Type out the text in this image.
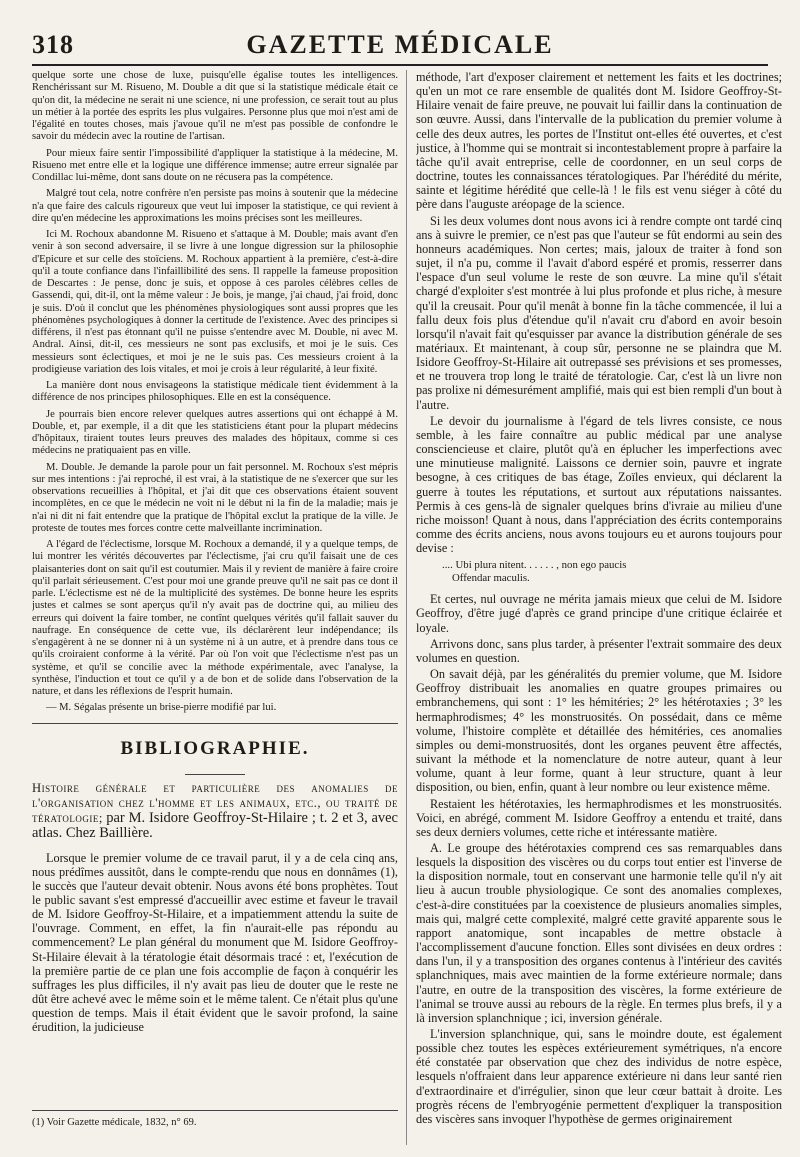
318	GAZETTE MÉDICALE

quelque sorte une chose de luxe, puisqu'elle égalise toutes les intelligences. Renchérissant sur M. Risueno, M. Double a dit que si la statistique médicale était ce qu'on dit, la médecine ne serait ni une science, ni une profession, ce serait tout au plus un métier à la portée des esprits les plus vulgaires. Personne plus que moi n'est ami de l'égalité en toutes choses, mais j'avoue qu'il ne m'est pas possible de confondre le savoir du médecin avec la routine de l'artisan.

Pour mieux faire sentir l'impossibilité d'appliquer la statistique à la médecine, M. Risueno met entre elle et la logique une différence immense; autre erreur signalée par Condillac lui-même, dont sans doute on ne récusera pas la compétence.

Malgré tout cela, notre confrère n'en persiste pas moins à soutenir que la médecine n'a que faire des calculs rigoureux que veut lui imposer la statistique, ce qui revient à dire qu'en médecine les approximations les moins précises sont les meilleures.

Ici M. Rochoux abandonne M. Risueno et s'attaque à M. Double; mais avant d'en venir à son second adversaire, il se livre à une longue digression sur la philosophie d'Epicure et sur celle des stoïciens. M. Rochoux appartient à la première, c'est-à-dire qu'il a toute confiance dans l'infaillibilité des sens. Il rappelle la fameuse proposition de Descartes : Je pense, donc je suis, et oppose à ces paroles célèbres celles de Gassendi, qui, dit-il, ont la même valeur : Je bois, je mange, j'ai chaud, j'ai froid, donc je suis. D'où il conclut que les phénomènes physiologiques sont aussi propres que les phénomènes psychologiques à donner la certitude de l'existence. Avec des principes si différens, il n'est pas étonnant qu'il ne puisse s'entendre avec M. Double, ni avec M. Andral. Ainsi, dit-il, ces messieurs ne sont pas exclusifs, et moi je le suis. Ces messieurs sont éclectiques, et moi je ne le suis pas. Ces messieurs croient à la prodigieuse variation des lois vitales, et moi je crois à leur régularité, à leur fixité.

La manière dont nous envisageons la statistique médicale tient évidemment à la différence de nos principes philosophiques. Elle en est la conséquence.

Je pourrais bien encore relever quelques autres assertions qui ont échappé à M. Double, et, par exemple, il a dit que les statisticiens étant pour la plupart médecins d'hôpitaux, tiraient toutes leurs preuves des malades des hôpitaux, comme si ces médecins ne pratiquaient pas en ville.

M. Double. Je demande la parole pour un fait personnel. M. Rochoux s'est mépris sur mes intentions : j'ai reproché, il est vrai, à la statistique de ne s'exercer que sur les observations recueillies à l'hôpital, et j'ai dit que ces observations étaient souvent incomplètes, en ce que le médecin ne voit ni le début ni la fin de la maladie; mais je n'ai ni dit ni fait entendre que la pratique de l'hôpital exclut la pratique de la ville. Je proteste de toutes mes forces contre cette malveillante incrimination.

A l'égard de l'éclectisme, lorsque M. Rochoux a demandé, il y a quelque temps, de lui montrer les vérités découvertes par l'éclectisme, j'ai cru qu'il faisait une de ces plaisanteries dont on sait qu'il est coutumier. Mais il y revient de manière à faire croire qu'il parlait sérieusement. C'est pour moi une grande preuve qu'il ne sait pas ce dont il parle. L'éclectisme est né de la multiplicité des systèmes. De bonne heure les esprits justes et calmes se sont aperçus qu'il n'y avait pas de doctrine qui, au milieu des erreurs qui doivent la faire tomber, ne contînt quelques vérités qu'il fallait sauver du naufrage. En conséquence de cette vue, ils déclarèrent leur indépendance; ils s'engagèrent à ne se donner ni à un système ni à un autre, et à prendre dans tous ce qu'ils croiraient conforme à la vérité. Par où l'on voit que l'éclectisme n'est pas un système, et qu'il se concilie avec la méthode expérimentale, avec l'analyse, la synthèse, l'induction et tout ce qu'il y a de bon et de solide dans l'observation de la nature, et dans les réflexions de l'esprit humain.

— M. Ségalas présente un brise-pierre modifié par lui.

BIBLIOGRAPHIE.
Histoire générale et particulière des anomalies de l'organisation chez l'homme et les animaux, etc., ou traité de tératologie; par M. Isidore Geoffroy-St-Hilaire ; t. 2 et 3, avec atlas. Chez Baillière.

Lorsque le premier volume de ce travail parut, il y a de cela cinq ans, nous prédîmes aussitôt, dans le compte-rendu que nous en donnâmes (1), le succès que l'auteur devait obtenir. Nous avons été bons prophètes. Tout le public savant s'est empressé d'accueillir avec estime et faveur le travail de M. Isidore Geoffroy-St-Hilaire, et a impatiemment attendu la suite de l'ouvrage. Comment, en effet, la fin n'aurait-elle pas répondu au commencement? Le plan général du monument que M. Isidore Geoffroy-St-Hilaire élevait à la tératologie était désormais tracé : et, l'exécution de la première partie de ce plan une fois accomplie de façon à conquérir les suffrages les plus difficiles, il n'y avait pas lieu de douter que le reste ne dût être achevé avec le même soin et le même talent. Ce n'était plus qu'une question de temps. Mais il était évident que le savoir profond, la saine érudition, la judicieuse

(1) Voir Gazette médicale, 1832, n° 69.

méthode, l'art d'exposer clairement et nettement les faits et les doctrines; qu'en un mot ce rare ensemble de qualités dont M. Isidore Geoffroy-St-Hilaire venait de faire preuve, ne pouvait lui faillir dans la continuation de son œuvre. Aussi, dans l'intervalle de la publication du premier volume à celle des deux autres, les portes de l'Institut ont-elles été ouvertes, et c'est justice, à l'homme qui se montrait si incontestablement propre à parfaire la tâche qu'il avait entreprise, celle de coordonner, en un seul corps de doctrine, toutes les connaissances tératologiques. Par l'hérédité du mérite, sainte et légitime hérédité que celle-là ! le fils est venu siéger à côté du père dans l'auguste aréopage de la science.

Si les deux volumes dont nous avons ici à rendre compte ont tardé cinq ans à suivre le premier, ce n'est pas que l'auteur se fût endormi au sein des honneurs académiques. Non certes; mais, jaloux de traiter à fond son sujet, il n'a pu, comme il l'avait d'abord espéré et promis, resserrer dans l'espace d'un seul volume le reste de son œuvre. La mine qu'il s'était chargé d'exploiter s'est montrée à lui plus profonde et plus riche, à mesure qu'il la creusait. Pour qu'il menât à bonne fin la tâche commencée, il lui a fallu deux fois plus d'étendue qu'il n'avait cru d'abord en avoir besoin lorsqu'il n'avait fait qu'esquisser par avance la distribution générale de ses matériaux. Et maintenant, à coup sûr, personne ne se plaindra que M. Isidore Geoffroy-St-Hilaire ait outrepassé ses prévisions et ses promesses, et ne trouvera trop long le traité de tératologie. Car, c'est là un livre non pas prolixe ni démesurément amplifié, mais qui est bien rempli d'un bout à l'autre.

Le devoir du journalisme à l'égard de tels livres consiste, ce nous semble, à les faire connaître au public médical par une analyse consciencieuse et claire, plutôt qu'à en éplucher les imperfections avec une minutieuse malignité. Laissons ce dernier soin, pauvre et ingrate besogne, à ces critiques de bas étage, Zoïles envieux, qui déclarent la guerre à toutes les réputations, et surtout aux réputations naissantes. Permis à ces gens-là de signaler quelques brins d'ivraie au milieu d'une riche moisson! Quant à nous, dans l'appréciation des écrits contemporains comme des écrits anciens, nous avons toujours eu et aurons toujours pour devise :

.... Ubi plura nitent. . . . . . , non ego paucis
Offendar maculis.

Et certes, nul ouvrage ne mérita jamais mieux que celui de M. Isidore Geoffroy, d'être jugé d'après ce grand principe d'une critique éclairée et loyale.

Arrivons donc, sans plus tarder, à présenter l'extrait sommaire des deux volumes en question.

On savait déjà, par les généralités du premier volume, que M. Isidore Geoffroy distribuait les anomalies en quatre groupes primaires ou embranchemens, qui sont : 1° les hémitéries; 2° les hétérotaxies ; 3° les hermaphrodismes; 4° les monstruosités. On possédait, dans ce même volume, l'histoire complète et détaillée des hémitéries, ces anomalies simples ou demi-monstruosités, dont les organes peuvent être affectés, suivant la méthode et la nomenclature de notre auteur, quant à leur volume, quant à leur forme, quant à leur structure, quant à leur disposition, ou bien, enfin, quant à leur nombre ou leur existence même.

Restaient les hétérotaxies, les hermaphrodismes et les monstruosités. Voici, en abrégé, comment M. Isidore Geoffroy a entendu et traité, dans ses deux derniers volumes, cette riche et intéressante matière.

A. Le groupe des hétérotaxies comprend ces sas remarquables dans lesquels la disposition des viscères ou du corps tout entier est l'inverse de la disposition normale, tout en conservant une harmonie telle qu'il n'y ait lieu à aucun trouble physiologique. Ce sont des anomalies complexes, c'est-à-dire constituées par la coexistence de plusieurs anomalies simples, mais qui, malgré cette complexité, malgré cette gravité apparente sous le rapport anatomique, sont incapables de mettre obstacle à l'accomplissement d'aucune fonction. Elles sont divisées en deux ordres : dans l'un, il y a transposition des organes contenus à l'intérieur des cavités splanchniques, mais avec maintien de la forme extérieure normale; dans l'autre, en outre de la transposition des viscères, la forme extérieure de l'animal se trouve aussi au rebours de la règle. En termes plus brefs, il y a là inversion splanchnique ; ici, inversion générale.

L'inversion splanchnique, qui, sans le moindre doute, est également possible chez toutes les espèces extérieurement symétriques, n'a encore été constatée par observation que chez des individus de notre espèce, lesquels n'offraient dans leur apparence extérieure ni dans leur santé rien d'extraordinaire et d'irrégulier, sinon que leur cœur battait à droite. Les progrès récens de l'embryogénie permettent d'expliquer la transposition des viscères sans invoquer l'hypothèse de germes originairement
